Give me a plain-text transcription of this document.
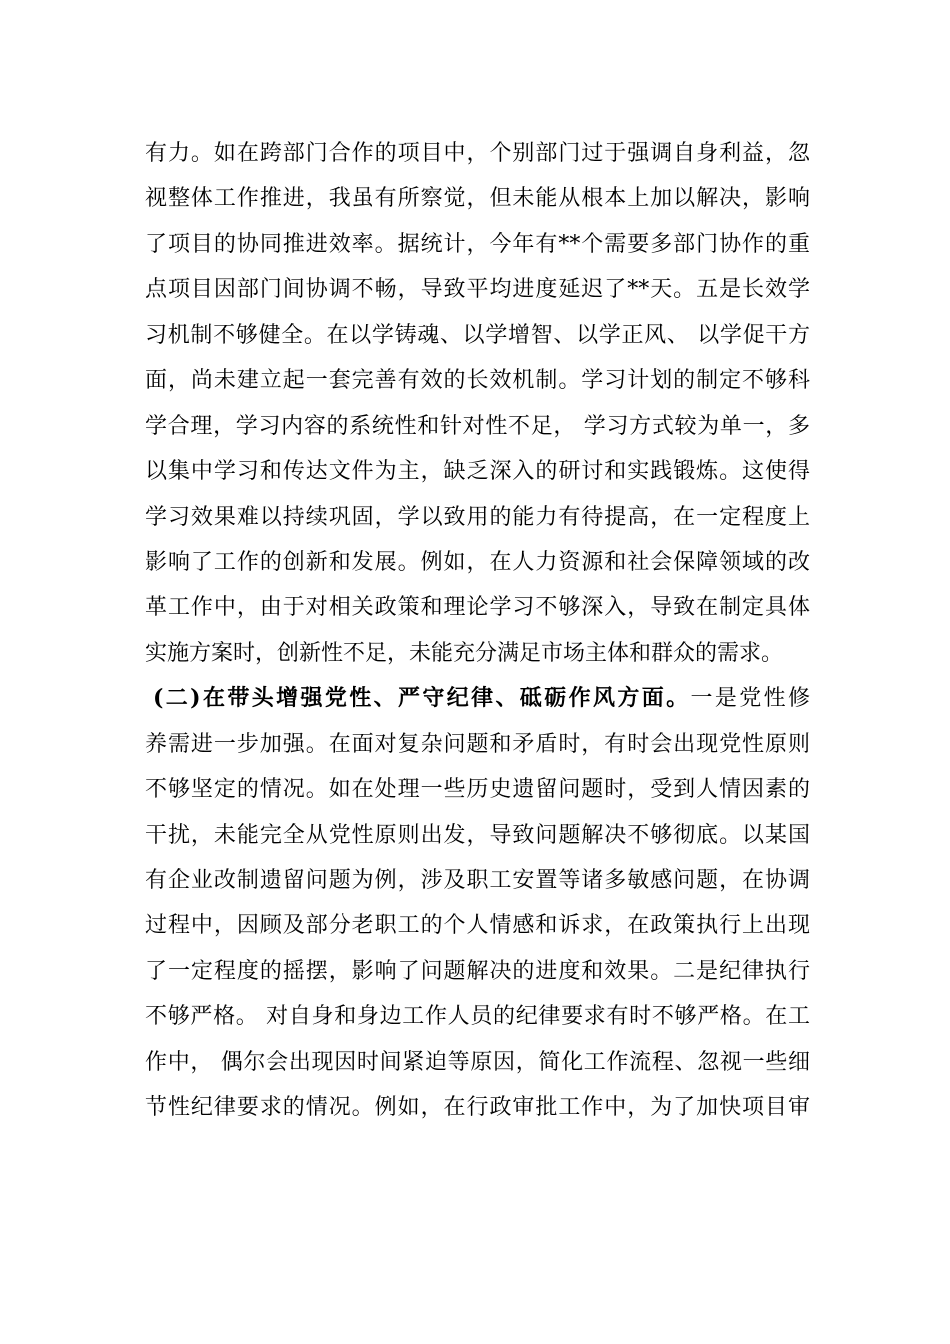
有力。如在跨部门合作的项目中，个别部门过于强调自身利益，忽
视整体工作推进，我虽有所察觉，但未能从根本上加以解决，影响
了项目的协同推进效率。据统计，今年有**个需要多部门协作的重
点项目因部门间协调不畅，导致平均进度延迟了**天。五是长效学
习机制不够健全。在以学铸魂、以学增智、以学正风、 以学促干方
面，尚未建立起一套完善有效的长效机制。学习计划的制定不够科
学合理，学习内容的系统性和针对性不足， 学习方式较为单一，多
以集中学习和传达文件为主，缺乏深入的研讨和实践锻炼。这使得
学习效果难以持续巩固，学以致用的能力有待提高，在一定程度上
影响了工作的创新和发展。例如，在人力资源和社会保障领域的改
革工作中，由于对相关政策和理论学习不够深入，导致在制定具体
实施方案时，创新性不足，未能充分满足市场主体和群众的需求。
(二)在带头增强党性、严守纪律、砥砺作风方面。一是党性修
养需进一步加强。在面对复杂问题和矛盾时，有时会出现党性原则
不够坚定的情况。如在处理一些历史遗留问题时，受到人情因素的
干扰，未能完全从党性原则出发，导致问题解决不够彻底。以某国
有企业改制遗留问题为例，涉及职工安置等诸多敏感问题，在协调
过程中，因顾及部分老职工的个人情感和诉求，在政策执行上出现
了一定程度的摇摆，影响了问题解决的进度和效果。二是纪律执行
不够严格。 对自身和身边工作人员的纪律要求有时不够严格。在工
作中， 偶尔会出现因时间紧迫等原因，简化工作流程、忽视一些细
节性纪律要求的情况。例如，在行政审批工作中，为了加快项目审
